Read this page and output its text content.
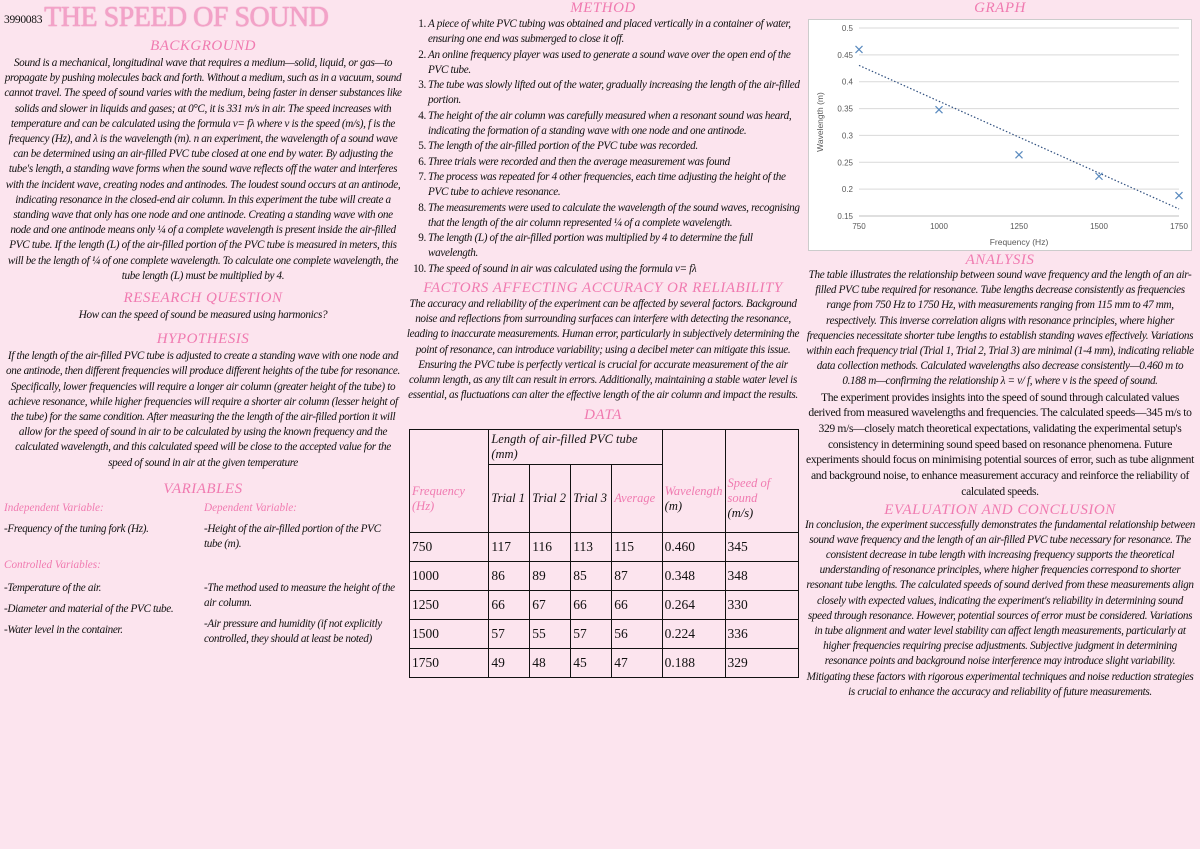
3990083 THE SPEED OF SOUND
BACKGROUND

Sound is a mechanical, longitudinal wave that requires a medium—solid, liquid, or gas—to propagate by pushing molecules back and forth. Without a medium, such as in a vacuum, sound cannot travel. The speed of sound varies with the medium, being faster in denser substances like solids and slower in liquids and gases; at 0°C, it is 331 m/s in air. The speed increases with temperature and can be calculated using the formula v= fλ where v is the speed (m/s), f is the frequency (Hz), and λ is the wavelength (m). n an experiment, the wavelength of a sound wave can be determined using an air-filled PVC tube closed at one end by water. By adjusting the tube's length, a standing wave forms when the sound wave reflects off the water and interferes with the incident wave, creating nodes and antinodes. The loudest sound occurs at an antinode, indicating resonance in the closed-end air column. In this experiment the tube will create a standing wave that only has one node and one antinode. Creating a standing wave with one node and one antinode means only ¼ of a complete wavelength is present inside the air-filled PVC tube. If the length (L) of the air-filled portion of the PVC tube is measured in meters, this will be the length of ¼ of one complete wavelength. To calculate one complete wavelength, the tube length (L) must be multiplied by 4.

RESEARCH QUESTION

How can the speed of sound be measured using harmonics?

HYPOTHESIS

If the length of the air-filled PVC tube is adjusted to create a standing wave with one node and one antinode, then different frequencies will produce different heights of the tube for resonance. Specifically, lower frequencies will require a longer air column (greater height of the tube) to achieve resonance, while higher frequencies will require a shorter air column (lesser height of the tube) for the same condition. After measuring the the length of the air-filled portion it will allow for the speed of sound in air to be calculated by using the known frequency and the calculated wavelength, and this calculated speed will be close to the accepted value for the speed of sound in air at the given temperature

VARIABLES
Independent Variable:
-Frequency of the tuning fork (Hz).
Dependent Variable:
-Height of the air-filled portion of the PVC tube (m).
Controlled Variables:
-Temperature of the air.
-Diameter and material of the PVC tube.
-Water level in the container.
-The method used to measure the height of the air column.
-Air pressure and humidity (if not explicitly controlled, they should at least be noted)
METHOD
1. A piece of white PVC tubing was obtained and placed vertically in a container of water, ensuring one end was submerged to close it off.
2. An online frequency player was used to generate a sound wave over the open end of the PVC tube.
3. The tube was slowly lifted out of the water, gradually increasing the length of the air-filled portion.
4. The height of the air column was carefully measured when a resonant sound was heard, indicating the formation of a standing wave with one node and one antinode.
5. The length of the air-filled portion of the PVC tube was recorded.
6. Three trials were recorded and then the average measurement was found
7. The process was repeated for 4 other frequencies, each time adjusting the height of the PVC tube to achieve resonance.
8. The measurements were used to calculate the wavelength of the sound waves, recognising that the length of the air column represented ¼ of a complete wavelength.
9. The length (L) of the air-filled portion was multiplied by 4 to determine the full wavelength.
10. The speed of sound in air was calculated using the formula v= fλ
FACTORS AFFECTING ACCURACY OR RELIABILITY

The accuracy and reliability of the experiment can be affected by several factors. Background noise and reflections from surrounding surfaces can interfere with detecting the resonance, leading to inaccurate measurements. Human error, particularly in subjectively determining the point of resonance, can introduce variability; using a decibel meter can mitigate this issue. Ensuring the PVC tube is perfectly vertical is crucial for accurate measurement of the air column length, as any tilt can result in errors. Additionally, maintaining a stable water level is essential, as fluctuations can alter the effective length of the air column and impact the results.

DATA
	Length of air-filled PVC tube (mm)					
Frequency (Hz)	Trial 1	Trial 2	Trial 3	Average	Wavelength
(m)	Speed of sound
(m/s)
750	117	116	113	115	0.460	345
1000	86	89	85	87	0.348	348
1250	66	67	66	66	0.264	330
1500	57	55	57	56	0.224	336
1750	49	48	45	47	0.188	329
GRAPH
0.15
0.2
0.25
0.3
0.35
0.4
0.45
0.5
750	1000	1250	1500	1750
Frequency (Hz)
Wavelength (m)
ANALYSIS

The table illustrates the relationship between sound wave frequency and the length of an air-filled PVC tube required for resonance. Tube lengths decrease consistently as frequencies range from 750 Hz to 1750 Hz, with measurements ranging from 115 mm to 47 mm, respectively. This inverse correlation aligns with resonance principles, where higher frequencies necessitate shorter tube lengths to establish standing waves effectively. Variations within each frequency trial (Trial 1, Trial 2, Trial 3) are minimal (1-4 mm), indicating reliable data collection methods. Calculated wavelengths also decrease consistently—0.460 m to 0.188 m—confirming the relationship λ = v/ f, where v is the speed of sound.

The experiment provides insights into the speed of sound through calculated values derived from measured wavelengths and frequencies. The calculated speeds—345 m/s to 329 m/s—closely match theoretical expectations, validating the experimental setup's consistency in determining sound speed based on resonance phenomena. Future experiments should focus on minimising potential sources of error, such as tube alignment and background noise, to enhance measurement accuracy and reinforce the reliability of calculated speeds.

EVALUATION AND CONCLUSION

In conclusion, the experiment successfully demonstrates the fundamental relationship between sound wave frequency and the length of an air-filled PVC tube necessary for resonance. The consistent decrease in tube length with increasing frequency supports the theoretical understanding of resonance principles, where higher frequencies correspond to shorter resonant tube lengths. The calculated speeds of sound derived from these measurements align closely with expected values, indicating the experiment's reliability in determining sound speed through resonance. However, potential sources of error must be considered. Variations in tube alignment and water level stability can affect length measurements, particularly at higher frequencies requiring precise adjustments. Subjective judgment in determining resonance points and background noise interference may introduce slight variability. Mitigating these factors with rigorous experimental techniques and noise reduction strategies is crucial to enhance the accuracy and reliability of future measurements.
